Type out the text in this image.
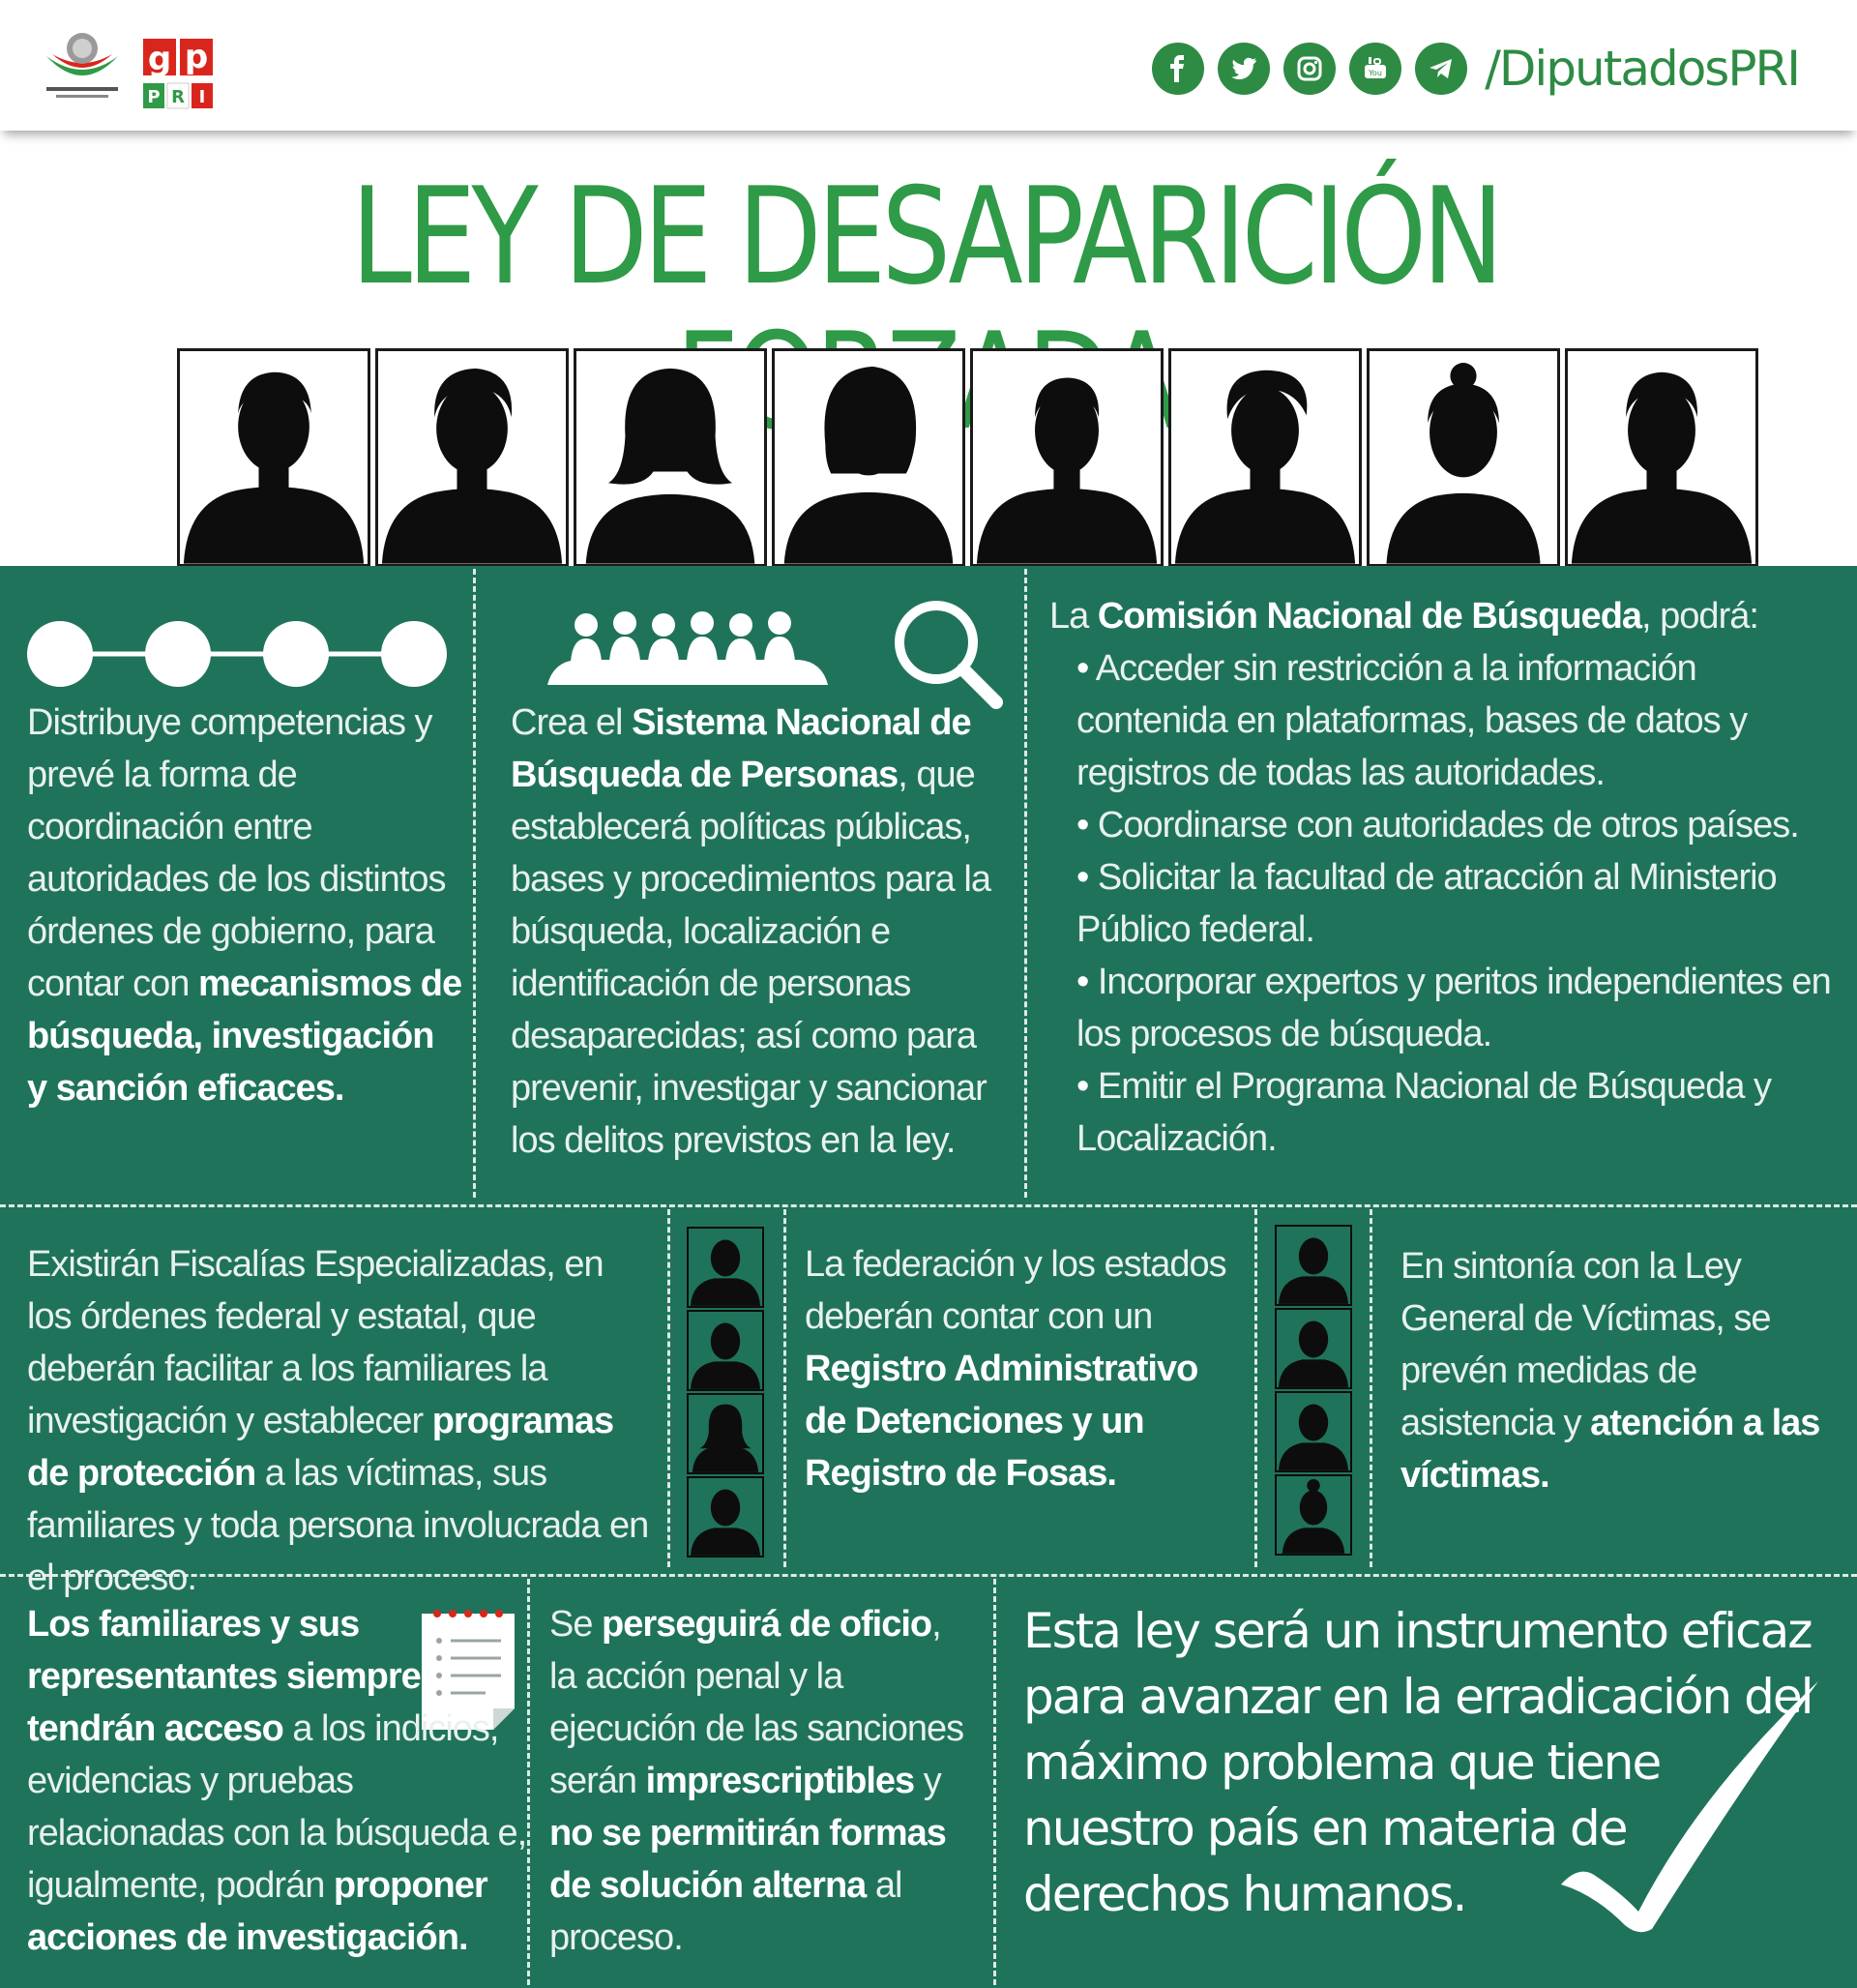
g p
P R I
You /DiputadosPRI
LEY DE DESAPARICIÓN
Distribuye competencias y prevé la forma de coordinación entre autoridades de los distintos órdenes de gobierno, para contar con mecanismos de búsqueda, investigación y sanción eficaces.
Crea el Sistema Nacional de Búsqueda de Personas, que establecerá políticas públicas, bases y procedimientos para la búsqueda, localización e identificación de personas desaparecidas; así como para prevenir, investigar y sancionar los delitos previstos en la ley.
La Comisión Nacional de Búsqueda, podrá:
• Acceder sin restricción a la información contenida en plataformas, bases de datos y registros de todas las autoridades.
• Coordinarse con autoridades de otros países.
• Solicitar la facultad de atracción al Ministerio Público federal.
• Incorporar expertos y peritos independientes en los procesos de búsqueda.
• Emitir el Programa Nacional de Búsqueda y Localización.
Existirán Fiscalías Especializadas, en los órdenes federal y estatal, que deberán facilitar a los familiares la investigación y establecer programas de protección a las víctimas, sus familiares y toda persona involucrada en el proceso.
La federación y los estados deberán contar con un Registro Administrativo de Detenciones y un Registro de Fosas.
En sintonía con la Ley General de Víctimas, se prevén medidas de asistencia y atención a las víctimas.
Los familiares y sus representantes siempre tendrán acceso a los indicios, evidencias y pruebas relacionadas con la búsqueda e, igualmente, podrán proponer acciones de investigación.
Se perseguirá de oficio, la acción penal y la ejecución de las sanciones serán imprescriptibles y no se permitirán formas de solución alterna al proceso.
Esta ley será un instrumento eficaz para avanzar en la erradicación del máximo problema que tiene nuestro país en materia de derechos humanos.
